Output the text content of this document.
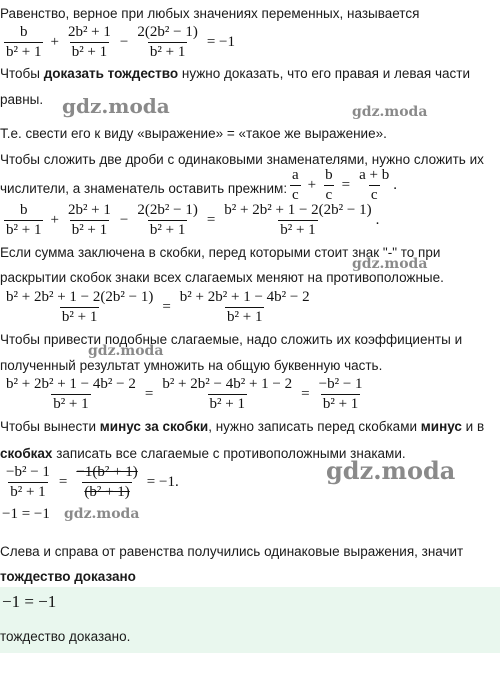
Равенство, верное при любых значениях переменных, называется
$\frac{b}{\text{b² + 1}} + \frac{\text{2b² + 1}}{\text{b² + 1}} - \frac{\text{2(2b² − 1)}}{\text{b² + 1}} = -1$
Чтобы доказать тождество нужно доказать, что его правая и левая части
равны. gdz.moda	gdz.moda
Т.е. свести его к виду «выражение» = «такое же выражение».
Чтобы сложить две дроби с одинаковыми знаменателями, нужно сложить их
числители, а знаменатель оставить прежним: $\frac{a}{c} + \frac{b}{c} = \frac{a + b}{c}$ .
$\frac{b}{\text{b² + 1}} + \frac{\text{2b² + 1}}{\text{b² + 1}} - \frac{\text{2(2b² − 1)}}{\text{b² + 1}} = \frac{\text{b² + 2b² + 1 − 2(2b² − 1)}}{\text{b² + 1}}$ .
Если сумма заключена в скобки, перед которыми стоит знак "-" то при
gdz.moda
раскрытии скобок знаки всех слагаемых меняют на противоположные.
$\frac{\text{b² + 2b² + 1 − 2(2b² − 1)}}{\text{b² + 1}} = \frac{\text{b² + 2b² + 1 − 4b² − 2}}{\text{b² + 1}}$
Чтобы привести подобные слагаемые, надо сложить их коэффициенты и
gdz.moda
полученный результат умножить на общую буквенную часть.
$\frac{\text{b² + 2b² + 1 − 4b² − 2}}{\text{b² + 1}} = \frac{\text{b² + 2b² − 4b² + 1 − 2}}{\text{b² + 1}} = \frac{\text{−b² − 1}}{\text{b² + 1}}$
Чтобы вынести минус за скобки, нужно записать перед скобками минус и в
скобках записать все слагаемые с противоположными знаками.
gdz.moda
$\frac{\text{−b² − 1}}{\text{b² + 1}} = \frac{\text{−1(b² + 1)}}{\text{(b² + 1)}} = -1$.
−1 = −1 gdz.moda
Слева и справа от равенства получились одинаковые выражения, значит
тождество доказано
−1 = −1
тождество доказано.
